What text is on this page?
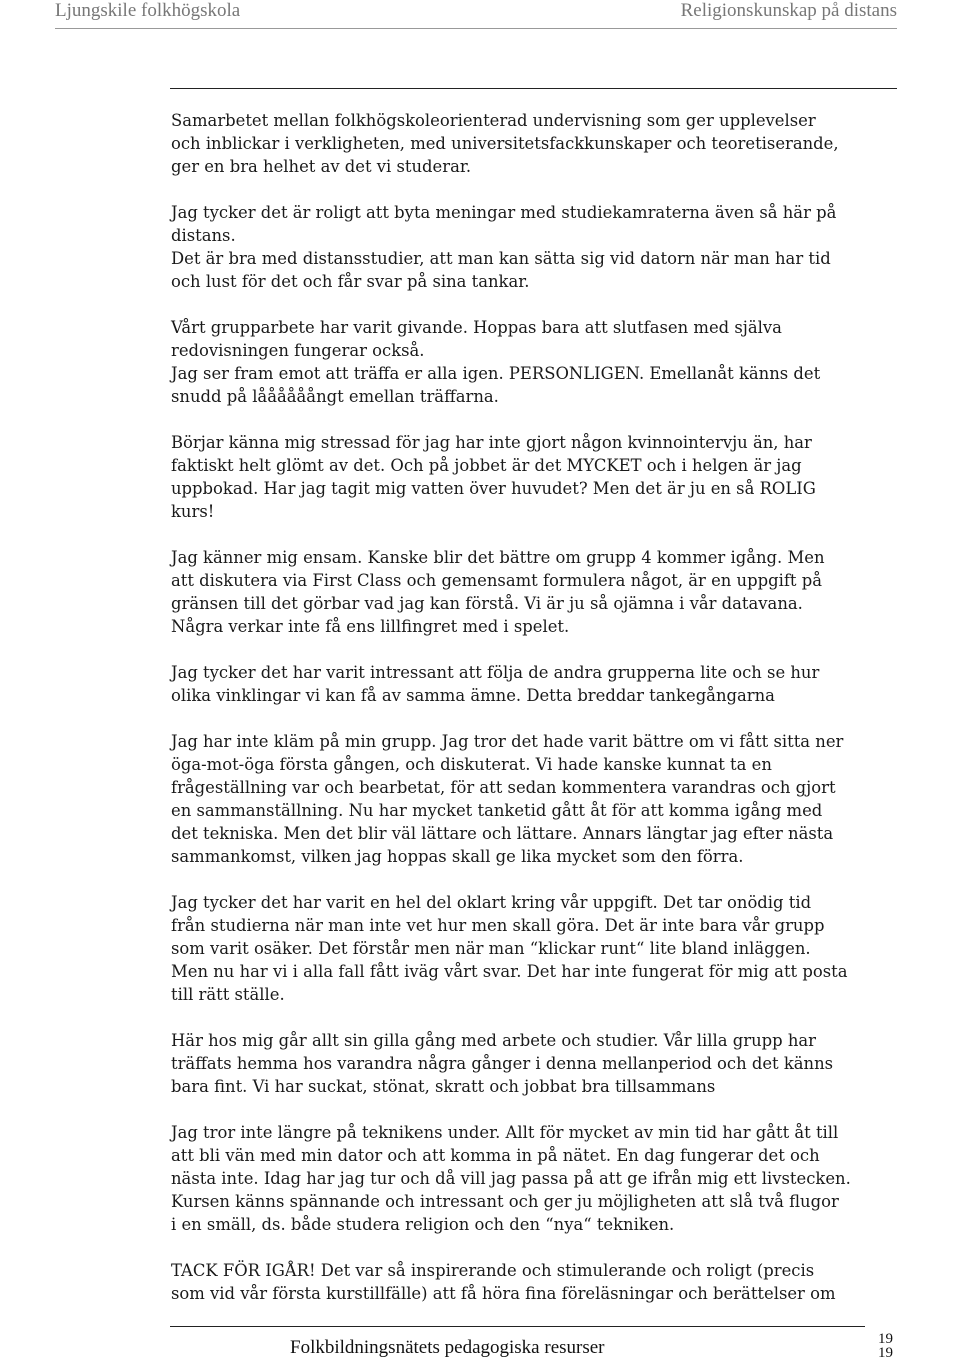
Ljungskile folkhögskola	Religionskunskap på distans

Samarbetet mellan folkhögskoleorienterad undervisning som ger upplevelser
och inblickar i verkligheten, med universitetsfackkunskaper och teoretiserande,
ger en bra helhet av det vi studerar.

Jag tycker det är roligt att byta meningar med studiekamraterna även så här på
distans.

Det är bra med distansstudier, att man kan sätta sig vid datorn när man har tid
och lust för det och får svar på sina tankar.

Vårt grupparbete har varit givande. Hoppas bara att slutfasen med själva
redovisningen fungerar också.
Jag ser fram emot att träffa er alla igen. PERSONLIGEN. Emellanåt känns det
snudd på låååååångt emellan träffarna.

Börjar känna mig stressad för jag har inte gjort någon kvinnointervju än, har
faktiskt helt glömt av det. Och på jobbet är det MYCKET och i helgen är jag
uppbokad. Har jag tagit mig vatten över huvudet? Men det är ju en så ROLIG
kurs!

Jag känner mig ensam. Kanske blir det bättre om grupp 4 kommer igång. Men
att diskutera via First Class och gemensamt formulera något, är en uppgift på
gränsen till det görbar vad jag kan förstå. Vi är ju så ojämna i vår datavana.
Några verkar inte få ens lillfingret med i spelet.

Jag tycker det har varit intressant att följa de andra grupperna lite och se hur
olika vinklingar vi kan få av samma ämne. Detta breddar tankegångarna

Jag har inte kläm på min grupp. Jag tror det hade varit bättre om vi fått sitta ner
öga-mot-öga första gången, och diskuterat. Vi hade kanske kunnat ta en
frågeställning var och bearbetat, för att sedan kommentera varandras och gjort
en sammanställning. Nu har mycket tanketid gått åt för att komma igång med
det tekniska. Men det blir väl lättare och lättare. Annars längtar jag efter nästa
sammankomst, vilken jag hoppas skall ge lika mycket som den förra.

Jag tycker det har varit en hel del oklart kring vår uppgift. Det tar onödig tid
från studierna när man inte vet hur men skall göra. Det är inte bara vår grupp
som varit osäker. Det förstår men när man “klickar runt“ lite bland inläggen.
Men nu har vi i alla fall fått iväg vårt svar. Det har inte fungerat för mig att posta
till rätt ställe.

Här hos mig går allt sin gilla gång med arbete och studier. Vår lilla grupp har
träffats hemma hos varandra några gånger i denna mellanperiod och det känns
bara fint. Vi har suckat, stönat, skratt och jobbat bra tillsammans

Jag tror inte längre på teknikens under. Allt för mycket av min tid har gått åt till
att bli vän med min dator och att komma in på nätet. En dag fungerar det och
nästa inte. Idag har jag tur och då vill jag passa på att ge ifrån mig ett livstecken.
Kursen känns spännande och intressant och ger ju möjligheten att slå två flugor
i en smäll, ds. både studera religion och den “nya“ tekniken.

TACK FÖR IGÅR! Det var så inspirerande och stimulerande och roligt (precis
som vid vår första kurstillfälle) att få höra fina föreläsningar och berättelser om

Folkbildningsnätets pedagogiska resurser	19
19
